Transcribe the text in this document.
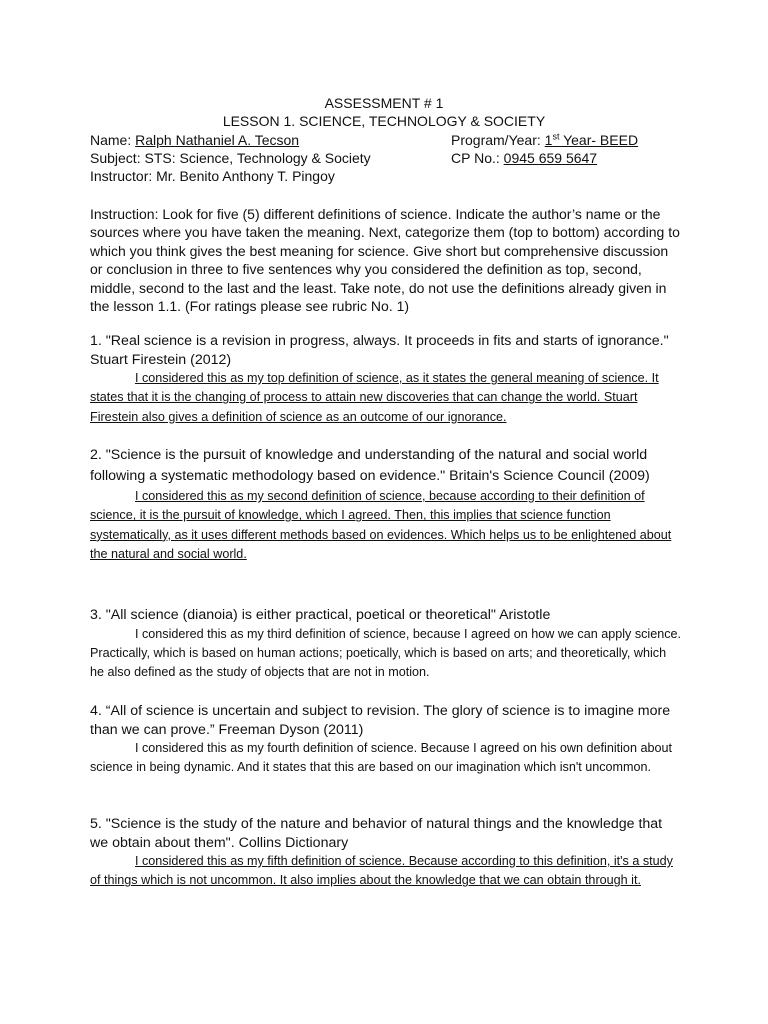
ASSESSMENT # 1
LESSON 1. SCIENCE, TECHNOLOGY & SOCIETY
Name: Ralph Nathaniel A. Tecson
Subject: STS: Science, Technology & Society
Instructor: Mr. Benito Anthony T. Pingoy
Program/Year: 1st Year- BEED
CP No.: 0945 659 5647
Instruction: Look for five (5) different definitions of science. Indicate the author’s name or the sources where you have taken the meaning. Next, categorize them (top to bottom) according to which you think gives the best meaning for science. Give short but comprehensive discussion or conclusion in three to five sentences why you considered the definition as top, second, middle, second to the last and the least. Take note, do not use the definitions already given in the lesson 1.1. (For ratings please see rubric No. 1)
1. "Real science is a revision in progress, always. It proceeds in fits and starts of ignorance." Stuart Firestein (2012)
I considered this as my top definition of science, as it states the general meaning of science. It states that it is the changing of process to attain new discoveries that can change the world. Stuart Firestein also gives a definition of science as an outcome of our ignorance.
2. "Science is the pursuit of knowledge and understanding of the natural and social world following a systematic methodology based on evidence." Britain's Science Council (2009)
I considered this as my second definition of science, because according to their definition of science, it is the pursuit of knowledge, which I agreed. Then, this implies that science function systematically, as it uses different methods based on evidences. Which helps us to be enlightened about the natural and social world.
3. "All science (dianoia) is either practical, poetical or theoretical" Aristotle
I considered this as my third definition of science, because I agreed on how we can apply science. Practically, which is based on human actions; poetically, which is based on arts; and theoretically, which he also defined as the study of objects that are not in motion.
4. “All of science is uncertain and subject to revision. The glory of science is to imagine more than we can prove.” Freeman Dyson (2011)
I considered this as my fourth definition of science. Because I agreed on his own definition about science in being dynamic. And it states that this are based on our imagination which isn't uncommon.
5. "Science is the study of the nature and behavior of natural things and the knowledge that we obtain about them". Collins Dictionary
I considered this as my fifth definition of science. Because according to this definition, it's a study of things which is not uncommon. It also implies about the knowledge that we can obtain through it.
